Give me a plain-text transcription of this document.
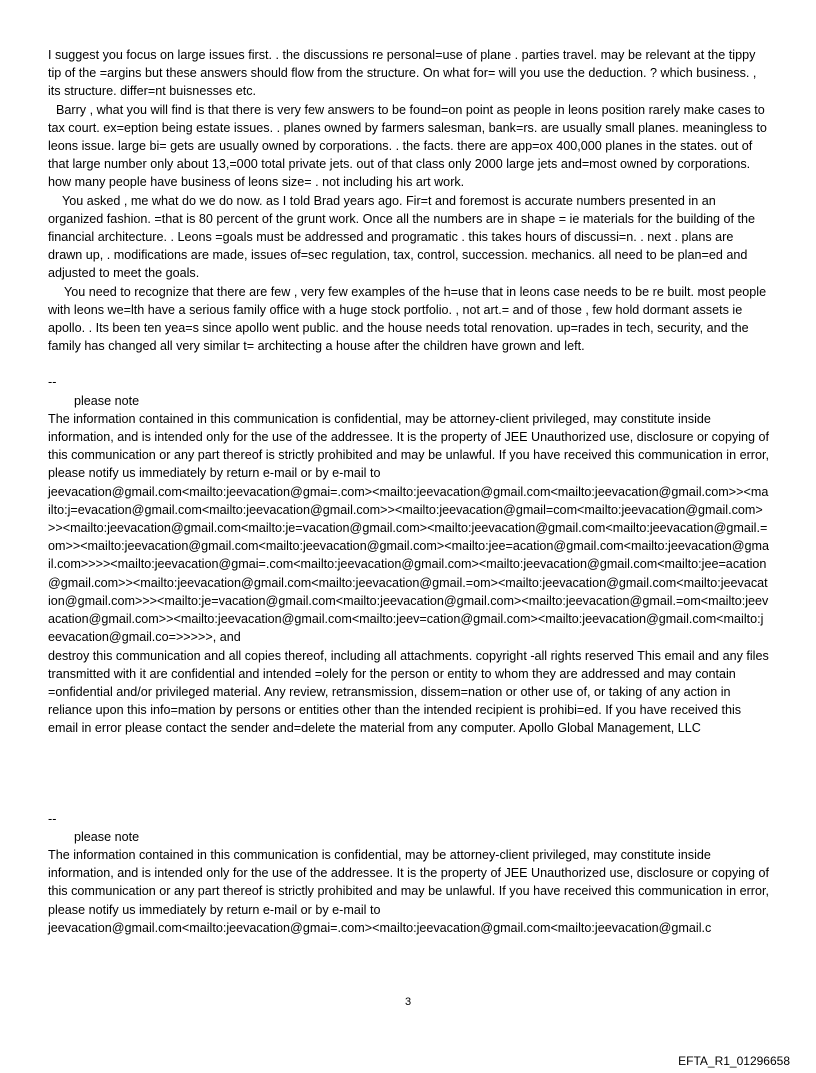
I suggest you focus on large issues first. . the discussions re personal=use of plane . parties travel. may be relevant at the tippy tip of the =argins but these answers should flow from the structure. On what for= will you use the deduction. ? which business. , its structure. differ=nt buisnesses etc.

Barry , what you will find is that there is very few answers to be found=on point as people in leons position rarely make cases to tax court. ex=eption being estate issues. . planes owned by farmers salesman, bank=rs. are usually small planes. meaningless to leons issue. large bi= gets are usually owned by corporations. . the facts. there are app=ox 400,000 planes in the states. out of that large number only about 13,=000 total private jets. out of that class only 2000 large jets and=most owned by corporations. how many people have business of leons size= . not including his art work.

You asked , me what do we do now. as I told Brad years ago. Fir=t and foremost is accurate numbers presented in an organized fashion. =that is 80 percent of the grunt work. Once all the numbers are in shape = ie materials for the building of the financial architecture. . Leons =goals must be addressed and programatic . this takes hours of discussi=n. . next . plans are drawn up, . modifications are made, issues of=sec regulation, tax, control, succession. mechanics. all need to be plan=ed and adjusted to meet the goals.

You need to recognize that there are few , very few examples of the h=use that in leons case needs to be re built. most people with leons we=lth have a serious family office with a huge stock portfolio. , not art.= and of those , few hold dormant assets ie apollo. . Its been ten yea=s since apollo went public. and the house needs total renovation. up=rades in tech, security, and the family has changed all very similar t= architecting a house after the children have grown and left.

--

please note

The information contained in this communication is confidential, may be attorney-client privileged, may constitute inside information, and is intended only for the use of the addressee. It is the property of JEE Unauthorized use, disclosure or copying of this communication or any part thereof is strictly prohibited and may be unlawful. If you have received this communication in error, please notify us immediately by return e-mail or by e-mail to

jeevacation@gmail.com<mailto:jeevacation@gmai=.com><mailto:jeevacation@gmail.com<mailto:jeevacation@gmail.com>><mailto:j=evacation@gmail.com<mailto:jeevacation@gmail.com>><mailto:jeevacation@gmail=com<mailto:jeevacation@gmail.com>>><mailto:jeevacation@gmail.com<mailto:je=vacation@gmail.com><mailto:jeevacation@gmail.com<mailto:jeevacation@gmail.=om>><mailto:jeevacation@gmail.com<mailto:jeevacation@gmail.com><mailto:jee=acation@gmail.com<mailto:jeevacation@gmail.com>>>><mailto:jeevacation@gmai=.com<mailto:jeevacation@gmail.com><mailto:jeevacation@gmail.com<mailto:jee=acation@gmail.com>><mailto:jeevacation@gmail.com<mailto:jeevacation@gmail.=om><mailto:jeevacation@gmail.com<mailto:jeevacation@gmail.com>>><mailto:je=vacation@gmail.com<mailto:jeevacation@gmail.com><mailto:jeevacation@gmail.=om<mailto:jeevacation@gmail.com>><mailto:jeevacation@gmail.com<mailto:jeev=cation@gmail.com><mailto:jeevacation@gmail.com<mailto:jeevacation@gmail.co=>>>>>, and

destroy this communication and all copies thereof, including all attachments. copyright -all rights reserved This email and any files transmitted with it are confidential and intended =olely for the person or entity to whom they are addressed and may contain =onfidential and/or privileged material. Any review, retransmission, dissem=nation or other use of, or taking of any action in reliance upon this info=mation by persons or entities other than the intended recipient is prohibi=ed. If you have received this email in error please contact the sender and=delete the material from any computer. Apollo Global Management, LLC

--

please note

The information contained in this communication is confidential, may be attorney-client privileged, may constitute inside information, and is intended only for the use of the addressee. It is the property of JEE Unauthorized use, disclosure or copying of this communication or any part thereof is strictly prohibited and may be unlawful. If you have received this communication in error, please notify us immediately by return e-mail or by e-mail to

jeevacation@gmail.com<mailto:jeevacation@gmai=.com><mailto:jeevacation@gmail.com<mailto:jeevacation@gmail.c

3
EFTA_R1_01296658
